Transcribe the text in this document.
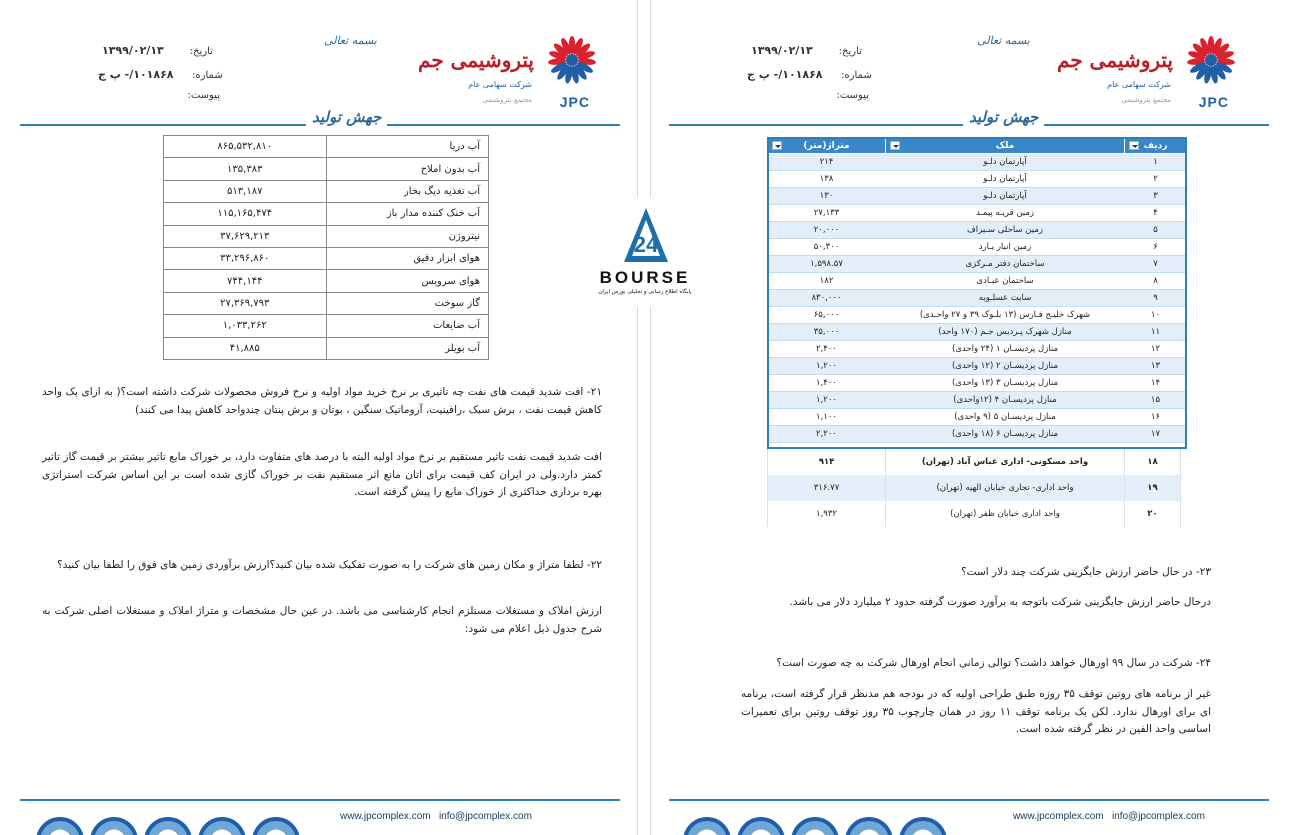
تاریخ: ۱۳۹۹/۰۲/۱۳
شماره: ۱۰۱۸۶۸/- پ ج
پیوست:
بسمه تعالی
JPC
پتروشیمی جم
شرکت سهامی عام
مجتمع پتروشیمی
جهش تولید
آب دریا	۸۶۵,۵۳۲,۸۱۰
آب بدون املاح	۱۳۵,۳۸۳
آب تغذیه دیگ بخار	۵۱۳,۱۸۷
آب خنک کننده مدار باز	۱۱۵,۱۶۵,۴۷۴
نیتروژن	۳۷,۶۲۹,۲۱۳
هوای ابزار دقیق	۳۳,۲۹۶,۸۶۰
هوای سرویس	۷۴۴,۱۴۴
گاز سوخت	۲۷,۳۶۹,۷۹۳
آب ضایعات	۱,۰۳۳,۲۶۲
آب بویلر	۴۱,۸۸۵
۲۱- افت شدید قیمت های نفت چه تاثیری بر نرخ خرید مواد اولیه و نرخ فروش محصولات شرکت داشته است؟( به ازای یک واحد کاهش قیمت نفت ، برش سبک ،رافینیت، آروماتیک سنگین ، بوتان و برش پنتان چندواحد کاهش پیدا می کنند)
افت شدید قیمت نفت تاثیر مستقیم بر نرخ مواد اولیه البته با درصد های متفاوت دارد، بر خوراک مایع تاثیر بیشتر بر قیمت گاز تاثیر کمتر دارد.ولی در ایران کف قیمت برای اتان مانع اثر مستقیم نفت بر خوراک گازی شده است بر این اساس شرکت استراتژی بهره برداری حداکثری از خوراک مایع را پیش گرفته است.
۲۲- لطفا متراژ و مکان زمین های شرکت را به صورت تفکیک شده بیان کنید؟ارزش برآوردی زمین های فوق را لطفا بیان کنید؟
ارزش املاک و مستغلات مستلزم انجام کارشناسی می باشد. در عین حال مشخصات و متراژ املاک و مستغلات اصلی شرکت به شرح جدول ذیل اعلام می شود:
www.jpcomplex.com info@jpcomplex.com
تاریخ: ۱۳۹۹/۰۲/۱۳
شماره: ۱۰۱۸۶۸/- پ ج
پیوست:
بسمه تعالی
JPC
پتروشیمی جم
شرکت سهامی عام
مجتمع پتروشیمی
جهش تولید
ردیف	ملک	متراژ(متر)

۱	آپارتمان دلـو	۲۱۴
۲	آپارتمان دلـو	۱۳۸
۳	آپارتمان دلـو	۱۳۰
۴	زمین قریـه پیمـد	۲۷,۱۳۳
۵	زمین ساحلی سـیراف	۲۰,۰۰۰
۶	زمین انبار یـارد	۵۰,۳۰۰
۷	ساختمان دفتر مـرکزی	۱,۵۹۸.۵۷
۸	ساختمان عبـادی	۱۸۲
۹	سایت عسلـویه	۸۳۰,۰۰۰
۱۰	شهرک خلیـج فـارس (۱۳ بلـوک ۳۹ و ۲۷ واحـدی)	۶۵,۰۰۰
۱۱	منازل شهرک پـردیس جـم (۱۷۰ واحد)	۳۵,۰۰۰
۱۲	منازل پردیسـان ۱ (۲۴ واحدی)	۲,۴۰۰
۱۳	منازل پردیسـان ۲ (۱۲ واحدی)	۱,۲۰۰
۱۴	منازل پردیسـان ۳ (۱۳ واحدی)	۱,۴۰۰
۱۵	منازل پردیسـان ۴ (۱۲واحدی)	۱,۲۰۰
۱۶	منازل پردیسـان ۵ (۹ واحدی)	۱,۱۰۰
۱۷	منازل پردیسـان ۶ (۱۸ واحدی)	۲,۲۰۰
۱۸	واحد مسکونی- اداری عباس آباد (تهران)	۹۱۴
۱۹	واحد اداری- تجاری خیابان الهیه (تهران)	۳۱۶.۷۷
۲۰	واحد اداری خیابان ظفر (تهران)	۱,۹۳۲
۲۳- در حال حاضر ارزش جایگزینی شرکت چند دلار است؟
درحال حاضر ارزش جایگزینی شرکت باتوجه به برآورد صورت گرفته حدود ۲ میلیارد دلار می باشد.
۲۴- شرکت در سال ۹۹ اورهال خواهد داشت؟ توالی زمانی انجام اورهال شرکت به چه صورت است؟
غیر از برنامه های روتین توقف ۳۵ روزه طبق طراحی اولیه که در بودجه هم مدنظر قرار گرفته است، برنامه ای برای اورهال ندارد. لکن یک برنامه توقف ۱۱ روز در همان چارچوب ۳۵ روز توقف روتین برای تعمیرات اساسی واحد الفین در نظر گرفته شده است.
www.jpcomplex.com info@jpcomplex.com
24
BOURSE
پایگاه اطلاع رسانی و تحلیلی بورس ایران
